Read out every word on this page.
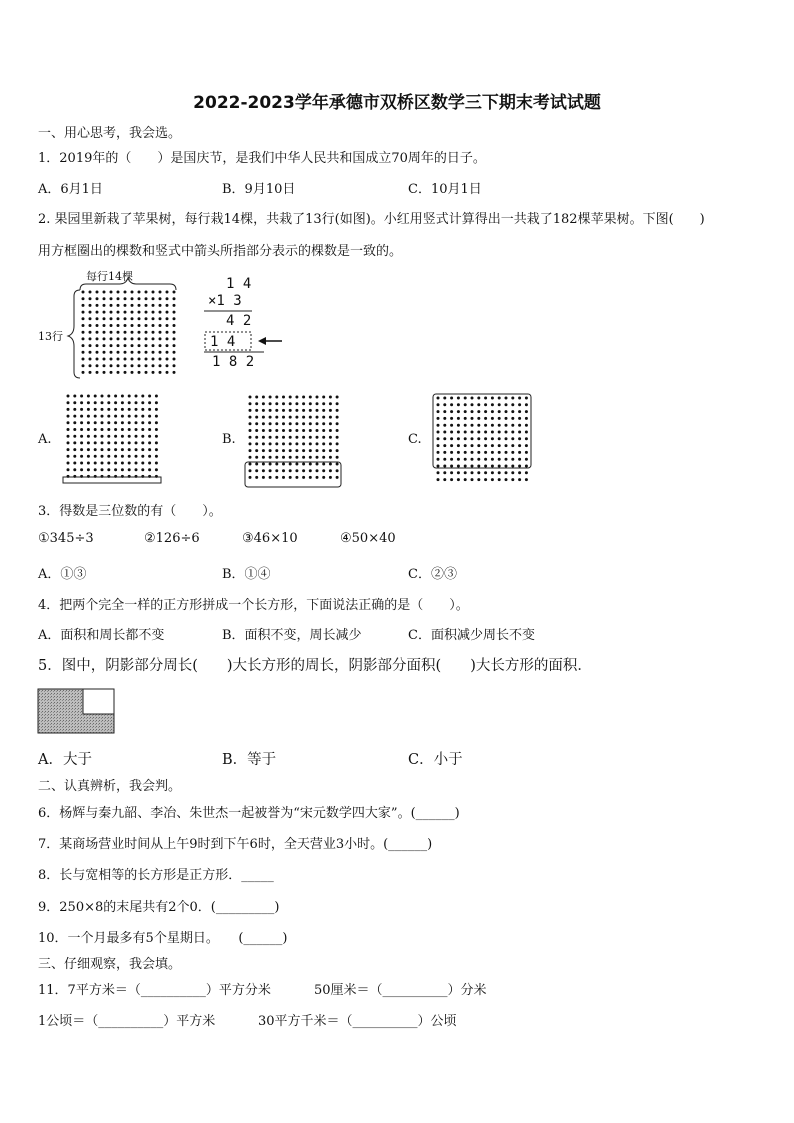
2022-2023学年承德市双桥区数学三下期末考试试题
一、用心思考，我会选。
1．2019年的（　　）是国庆节，是我们中华人民共和国成立70周年的日子。
A．6月1日	B．9月10日	C．10月1日
2. 果园里新栽了苹果树，每行栽14棵，共栽了13行(如图)。小红用竖式计算得出一共栽了182棵苹果树。下图(　　)
用方框圈出的棵数和竖式中箭头所指部分表示的棵数是一致的。
每行14棵
13行
1 4
×1 3
4 2
1 4
1 8 2
A.	B.	C.
3．得数是三位数的有（　　）。
①345÷3	②126÷6	③46×10	④50×40
A．①③	B．①④	C．②③
4．把两个完全一样的正方形拼成一个长方形，下面说法正确的是（　　）。
A．面积和周长都不变	B．面积不变，周长减少	C．面积减少周长不变
5．图中，阴影部分周长(　　)大长方形的周长，阴影部分面积(　　)大长方形的面积．
A．大于	B．等于	C．小于
二、认真辨析，我会判。
6．杨辉与秦九韶、李冶、朱世杰一起被誉为“宋元数学四大家”。(______)
7．某商场营业时间从上午9时到下午6时，全天营业3小时。(______)
8．长与宽相等的长方形是正方形．_____
9．250×8的末尾共有2个0．(_________)
10．一个月最多有5个星期日。　　(______)
三、仔细观察，我会填。
11．7平方米＝（__________）平方分米	50厘米＝（__________）分米
1公顷＝（__________）平方米	30平方千米＝（__________）公顷
